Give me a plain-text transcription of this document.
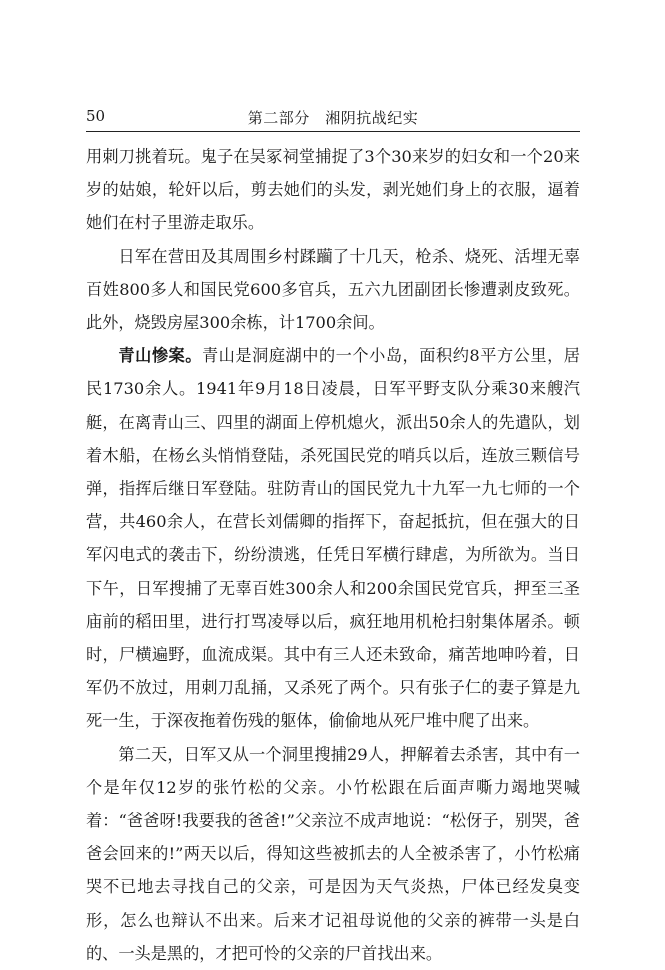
50	第二部分　湘阴抗战纪实

用刺刀挑着玩。鬼子在吴冢祠堂捕捉了3个30来岁的妇女和一个20来岁的姑娘，轮奸以后，剪去她们的头发，剥光她们身上的衣服，逼着她们在村子里游走取乐。

日军在营田及其周围乡村蹂躏了十几天，枪杀、烧死、活埋无辜百姓800多人和国民党600多官兵，五六九团副团长惨遭剥皮致死。此外，烧毁房屋300余栋，计1700余间。

青山惨案。青山是洞庭湖中的一个小岛，面积约8平方公里，居民1730余人。1941年9月18日凌晨，日军平野支队分乘30来艘汽艇，在离青山三、四里的湖面上停机熄火，派出50余人的先遣队，划着木船，在杨幺头悄悄登陆，杀死国民党的哨兵以后，连放三颗信号弹，指挥后继日军登陆。驻防青山的国民党九十九军一九七师的一个营，共460余人，在营长刘儒卿的指挥下，奋起抵抗，但在强大的日军闪电式的袭击下，纷纷溃逃，任凭日军横行肆虐，为所欲为。当日下午，日军搜捕了无辜百姓300余人和200余国民党官兵，押至三圣庙前的稻田里，进行打骂凌辱以后，疯狂地用机枪扫射集体屠杀。顿时，尸横遍野，血流成渠。其中有三人还未致命，痛苦地呻吟着，日军仍不放过，用刺刀乱捅，又杀死了两个。只有张子仁的妻子算是九死一生，于深夜拖着伤残的躯体，偷偷地从死尸堆中爬了出来。

第二天，日军又从一个洞里搜捕29人，押解着去杀害，其中有一个是年仅12岁的张竹松的父亲。小竹松跟在后面声嘶力竭地哭喊着：“爸爸呀!我要我的爸爸!”父亲泣不成声地说：“松伢子，别哭，爸爸会回来的!”两天以后，得知这些被抓去的人全被杀害了，小竹松痛哭不已地去寻找自己的父亲，可是因为天气炎热，尸体已经发臭变形，怎么也辩认不出来。后来才记祖母说他的父亲的裤带一头是白的、一头是黑的，才把可怜的父亲的尸首找出来。
